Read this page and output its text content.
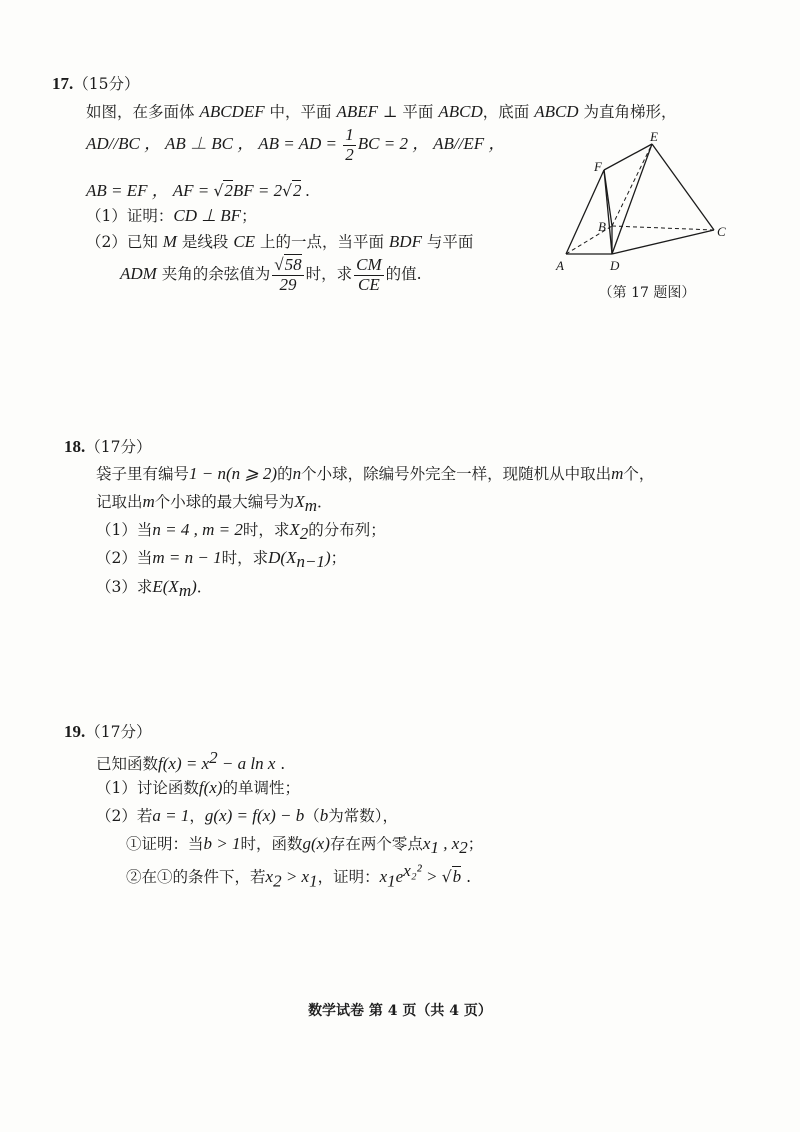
17.（15分）
如图，在多面体 ABCDEF 中，平面 ABEF ⊥ 平面 ABCD，底面 ABCD 为直角梯形，
AD//BC ， AB ⊥ BC ， AB = AD = $\frac{1}{2}$ BC = 2 ， AB//EF ，
AB = EF ， AF = √2BF = 2√2 .
（1）证明：CD ⊥ BF；
（2）已知 M 是线段 CE 上的一点，当平面 BDF 与平面
ADM 夹角的余弦值为 $\frac{√58}{29}$ 时，求 $\frac{CM}{CE}$ 的值.	A
B	C
D
E
F
（第 17 题图）
18.（17分）
袋子里有编号1 − n(n ⩾ 2)的n个小球，除编号外完全一样，现随机从中取出m个，
记取出m个小球的最大编号为$X_m$．
（1）当n = 4 , m = 2时，求$X_2$的分布列；
（2）当m = n − 1时，求$D(X_{n-1})$；
（3）求$E(X_m)$．
19.（17分）
已知函数$f(x) = x^2 - a$ ln x .
（1）讨论函数f(x)的单调性；
（2）若a = 1，g(x) = f(x) − b（b为常数），
①证明：当b > 1时，函数g(x)存在两个零点$x_1$ , $x_2$；
②在①的条件下，若$x_2 > x_1$，证明：$x_1e^{x_2^2} > √b$ .
数学试卷 第 4 页（共 4 页）
